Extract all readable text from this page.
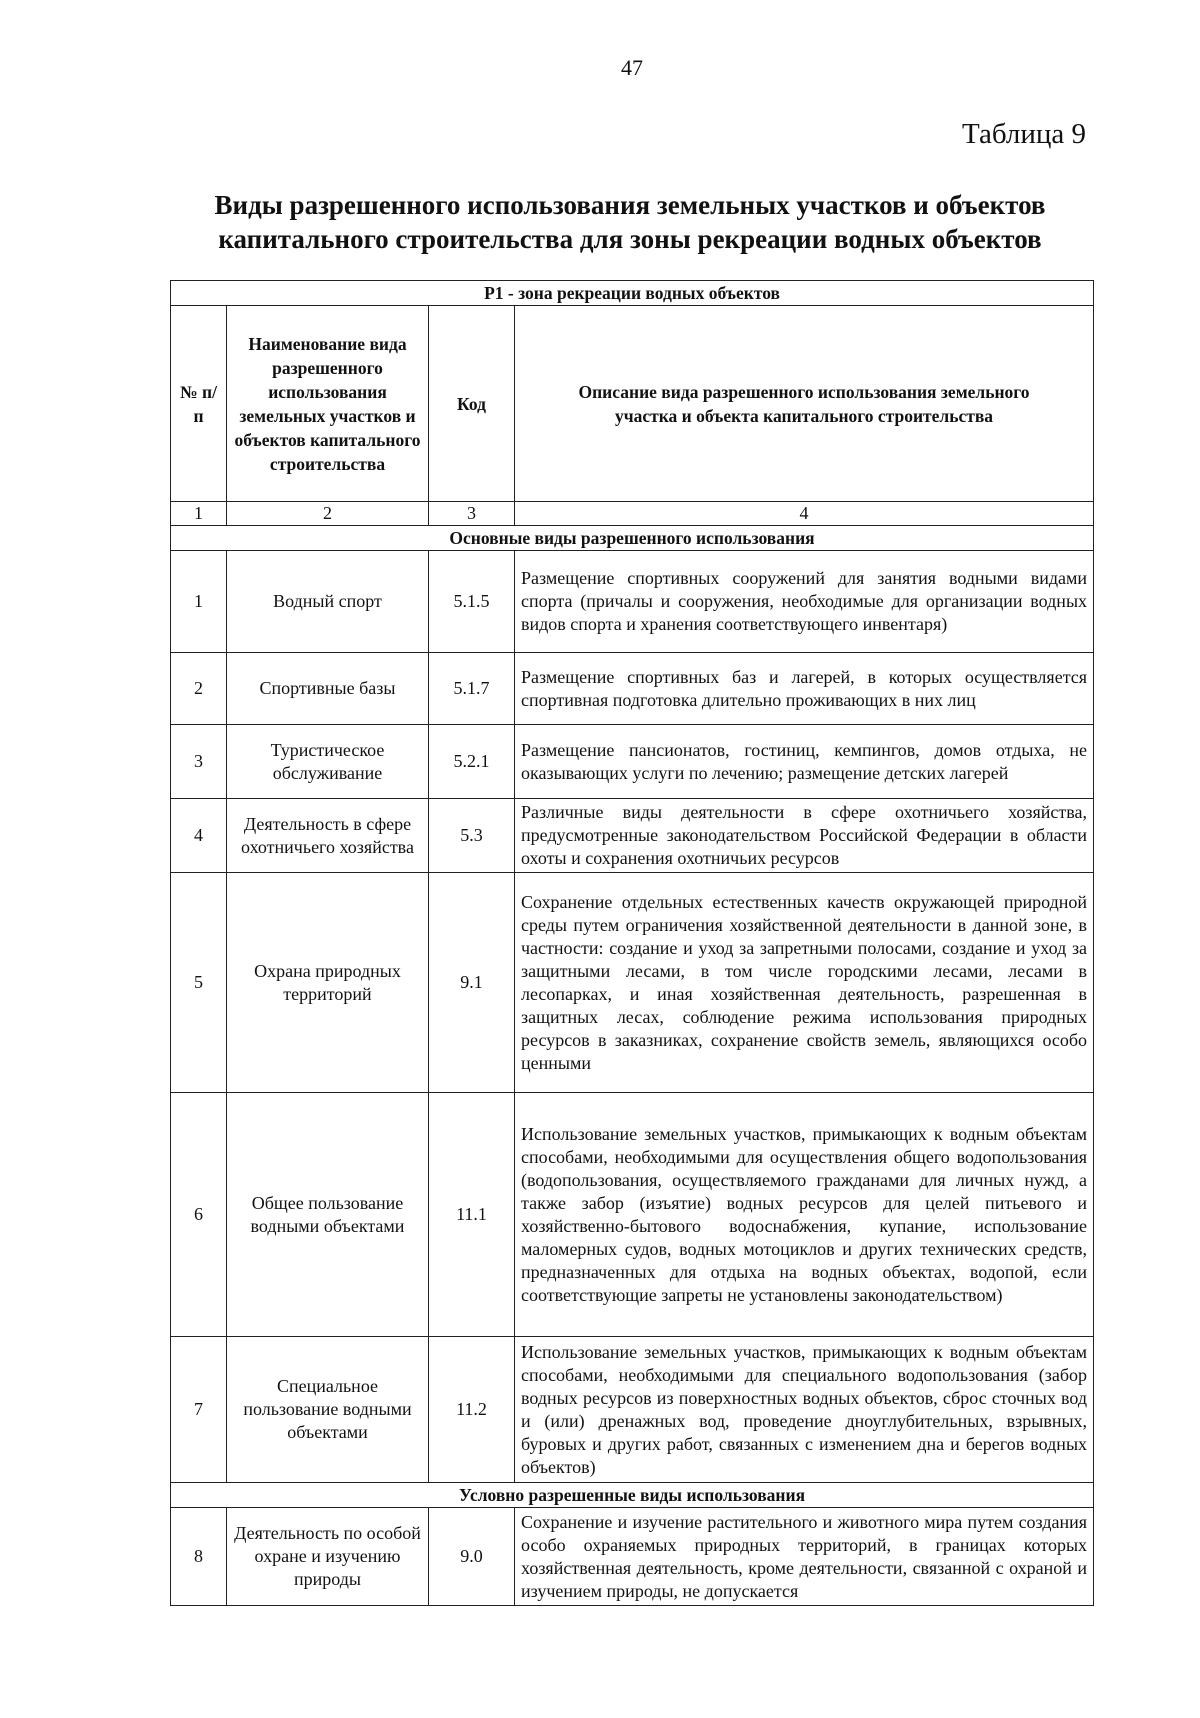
47
Таблица 9
Виды разрешенного использования земельных участков и объектов капитального строительства для зоны рекреации водных объектов
Р1 - зона рекреации водных объектов			
№ п/п	Наименование вида разрешенного использования земельных участков и объектов капитального строительства	Код	Описание вида разрешенного использования земельного участка и объекта капитального строительства
1	2	3	4
Основные виды разрешенного использования			
1	Водный спорт	5.1.5	Размещение спортивных сооружений для занятия водными видами спорта (причалы и сооружения, необходимые для организации водных видов спорта и хранения соответствующего инвентаря)
2	Спортивные базы	5.1.7	Размещение спортивных баз и лагерей, в которых осуществляется спортивная подготовка длительно проживающих в них лиц
3	Туристическое обслуживание	5.2.1	Размещение пансионатов, гостиниц, кемпингов, домов отдыха, не оказывающих услуги по лечению; размещение детских лагерей
4	Деятельность в сфере охотничьего хозяйства	5.3	Различные виды деятельности в сфере охотничьего хозяйства, предусмотренные законодательством Российской Федерации в области охоты и сохранения охотничьих ресурсов
5	Охрана природных территорий	9.1	Сохранение отдельных естественных качеств окружающей природной среды путем ограничения хозяйственной деятельности в данной зоне, в частности: создание и уход за запретными полосами, создание и уход за защитными лесами, в том числе городскими лесами, лесами в лесопарках, и иная хозяйственная деятельность, разрешенная в защитных лесах, соблюдение режима использования природных ресурсов в заказниках, сохранение свойств земель, являющихся особо ценными
6	Общее пользование водными объектами	11.1	Использование земельных участков, примыкающих к водным объектам способами, необходимыми для осуществления общего водопользования (водопользования, осуществляемого гражданами для личных нужд, а также забор (изъятие) водных ресурсов для целей питьевого и хозяйственно-бытового водоснабжения, купание, использование маломерных судов, водных мотоциклов и других технических средств, предназначенных для отдыха на водных объектах, водопой, если соответствующие запреты не установлены законодательством)
7	Специальное пользование водными объектами	11.2	Использование земельных участков, примыкающих к водным объектам способами, необходимыми для специального водопользования (забор водных ресурсов из поверхностных водных объектов, сброс сточных вод и (или) дренажных вод, проведение дноуглубительных, взрывных, буровых и других работ, связанных с изменением дна и берегов водных объектов)
Условно разрешенные виды использования			
8	Деятельность по особой охране и изучению природы	9.0	Сохранение и изучение растительного и животного мира путем создания особо охраняемых природных территорий, в границах которых хозяйственная деятельность, кроме деятельности, связанной с охраной и изучением природы, не допускается
